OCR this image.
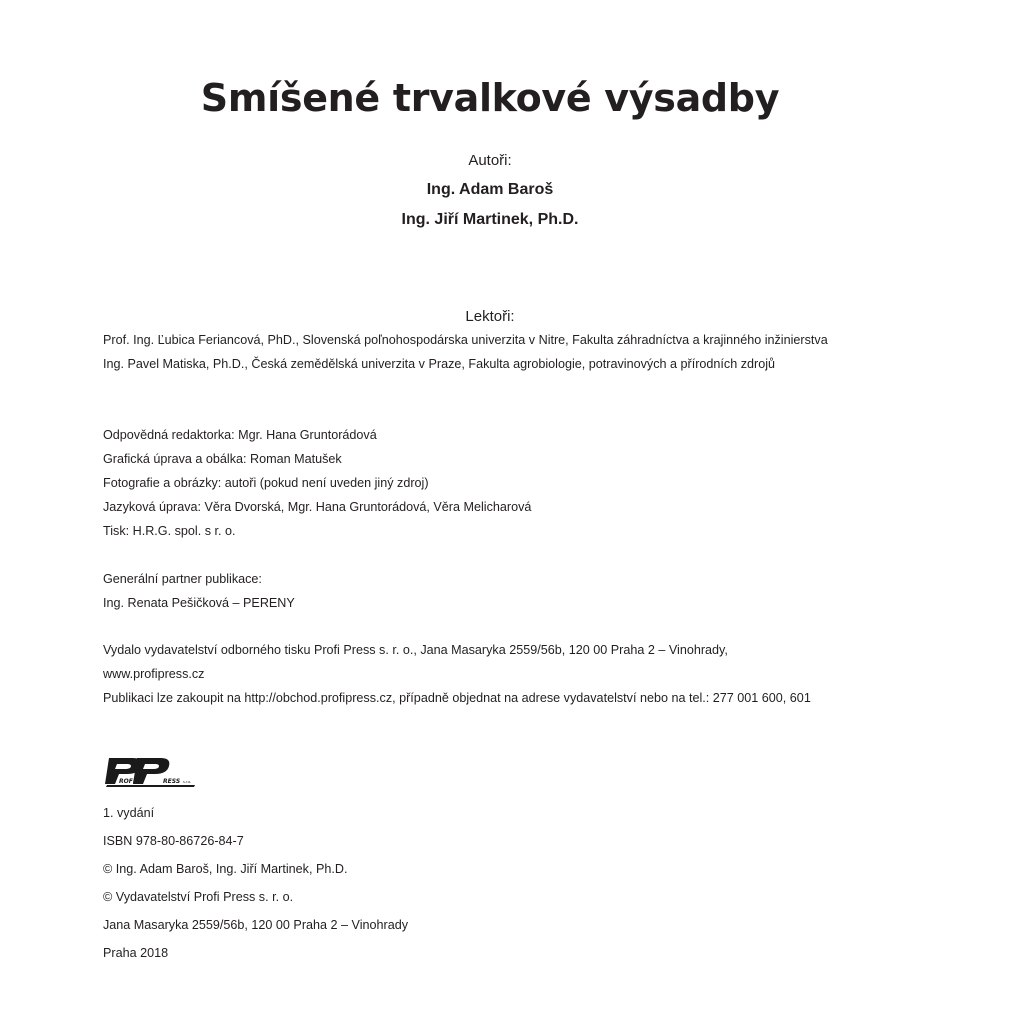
Smíšené trvalkové výsadby

Autoři:

Ing. Adam Baroš

Ing. Jiří Martinek, Ph.D.

Lektoři:

Prof. Ing. Ľubica Feriancová, PhD., Slovenská poľnohospodárska univerzita v Nitre, Fakulta záhradníctva a krajinného inžinierstva
Ing. Pavel Matiska, Ph.D., Česká zemědělská univerzita v Praze, Fakulta agrobiologie, potravinových a přírodních zdrojů
Odpovědná redaktorka: Mgr. Hana Gruntorádová
Grafická úprava a obálka: Roman Matušek
Fotografie a obrázky: autoři (pokud není uveden jiný zdroj)
Jazyková úprava: Věra Dvorská, Mgr. Hana Gruntorádová, Věra Melicharová
Tisk: H.R.G. spol. s r. o.
Generální partner publikace:
Ing. Renata Pešičková – PERENY
Vydalo vydavatelství odborného tisku Profi Press s. r. o., Jana Masaryka 2559/56b, 120 00 Praha 2 – Vinohrady,
www.profipress.cz
Publikaci lze zakoupit na http://obchod.profipress.cz, případně objednat na adrese vydavatelství nebo na tel.: 277 001 600, 601
ROFI	RESS s.r.o.
1. vydání
ISBN 978-80-86726-84-7
© Ing. Adam Baroš, Ing. Jiří Martinek, Ph.D.
© Vydavatelství Profi Press s. r. o.
Jana Masaryka 2559/56b, 120 00 Praha 2 – Vinohrady
Praha 2018
